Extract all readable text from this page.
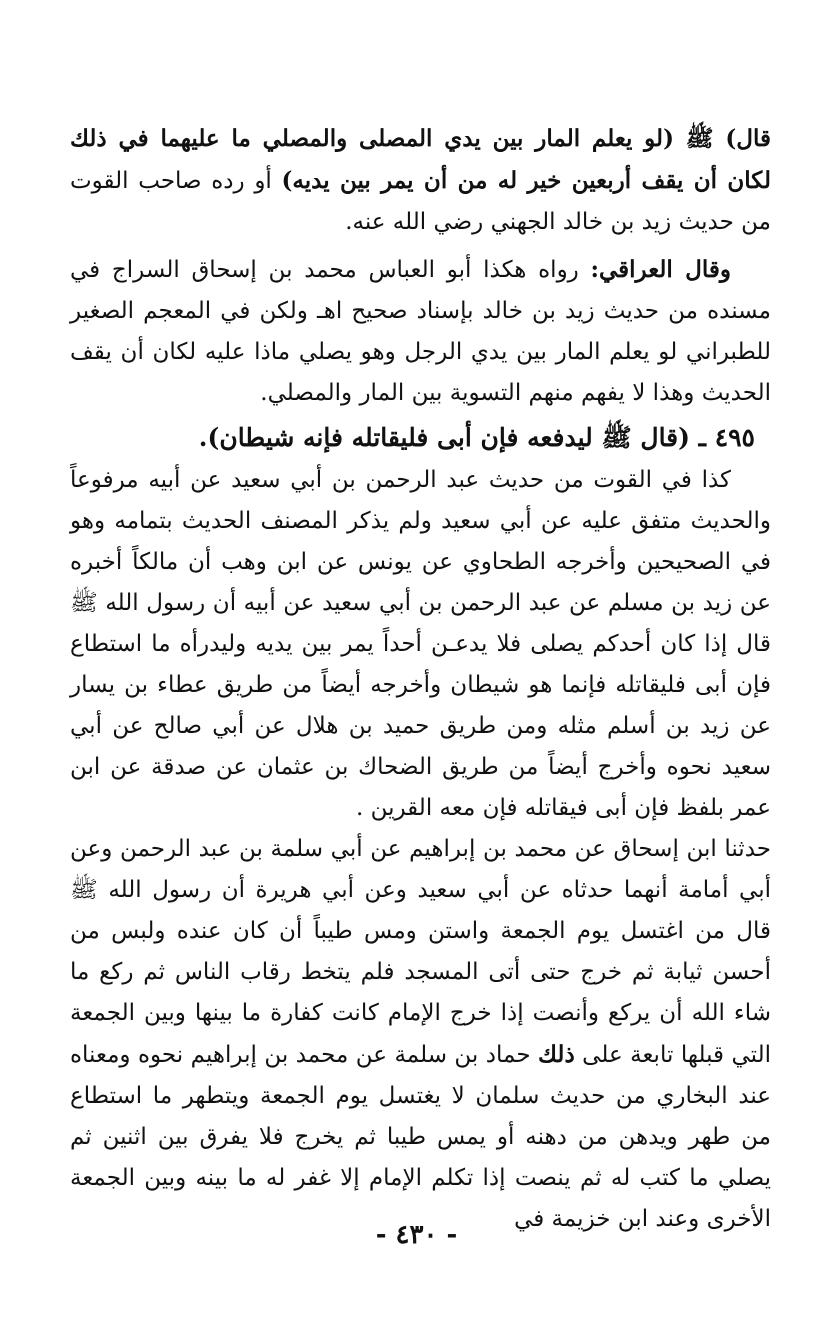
قال) ﷺ (لو يعلم المار بين يدي المصلى والمصلي ما عليهما في ذلك لكان أن يقف أربعين خير له من أن يمر بين يديه) أو رده صاحب القوت من حديث زيد بن خالد الجهني رضي الله عنه.

وقال العراقي: رواه هكذا أبو العباس محمد بن إسحاق السراج في مسنده من حديث زيد بن خالد بإسناد صحيح اهـ ولكن في المعجم الصغير للطبراني لو يعلم المار بين يدي الرجل وهو يصلي ماذا عليه لكان أن يقف الحديث وهذا لا يفهم منهم التسوية بين المار والمصلي.

٤٩٥ ـ (قال ﷺ ليدفعه فإن أبى فليقاتله فإنه شيطان).

كذا في القوت من حديث عبد الرحمن بن أبي سعيد عن أبيه مرفوعاً والحديث متفق عليه عن أبي سعيد ولم يذكر المصنف الحديث بتمامه وهو في الصحيحين وأخرجه الطحاوي عن يونس عن ابن وهب أن مالكاً أخبره عن زيد بن مسلم عن عبد الرحمن بن أبي سعيد عن أبيه أن رسول الله ﷺ قال إذا كان أحدكم يصلى فلا يدعـن أحداً يمر بين يديه وليدرأه ما استطاع فإن أبى فليقاتله فإنما هو شيطان وأخرجه أيضاً من طريق عطاء بن يسار عن زيد بن أسلم مثله ومن طريق حميد بن هلال عن أبي صالح عن أبي سعيد نحوه وأخرج أيضاً من طريق الضحاك بن عثمان عن صدقة عن ابن عمر بلفظ فإن أبى فيقاتله فإن معه القرين .

حدثنا ابن إسحاق عن محمد بن إبراهيم عن أبي سلمة بن عبد الرحمن وعن أبي أمامة أنهما حدثاه عن أبي سعيد وعن أبي هريرة أن رسول الله ﷺ قال من اغتسل يوم الجمعة واستن ومس طيباً أن كان عنده ولبس من أحسن ثيابة ثم خرج حتى أتى المسجد فلم يتخط رقاب الناس ثم ركع ما شاء الله أن يركع وأنصت إذا خرج الإمام كانت كفارة ما بينها وبين الجمعة التي قبلها تابعة على ذلك حماد بن سلمة عن محمد بن إبراهيم نحوه ومعناه عند البخاري من حديث سلمان لا يغتسل يوم الجمعة ويتطهر ما استطاع من طهر ويدهن من دهنه أو يمس طيبا ثم يخرج فلا يفرق بين اثنين ثم يصلي ما كتب له ثم ينصت إذا تكلم الإمام إلا غفر له ما بينه وبين الجمعة الأخرى وعند ابن خزيمة في

- ٤٣٠ -
